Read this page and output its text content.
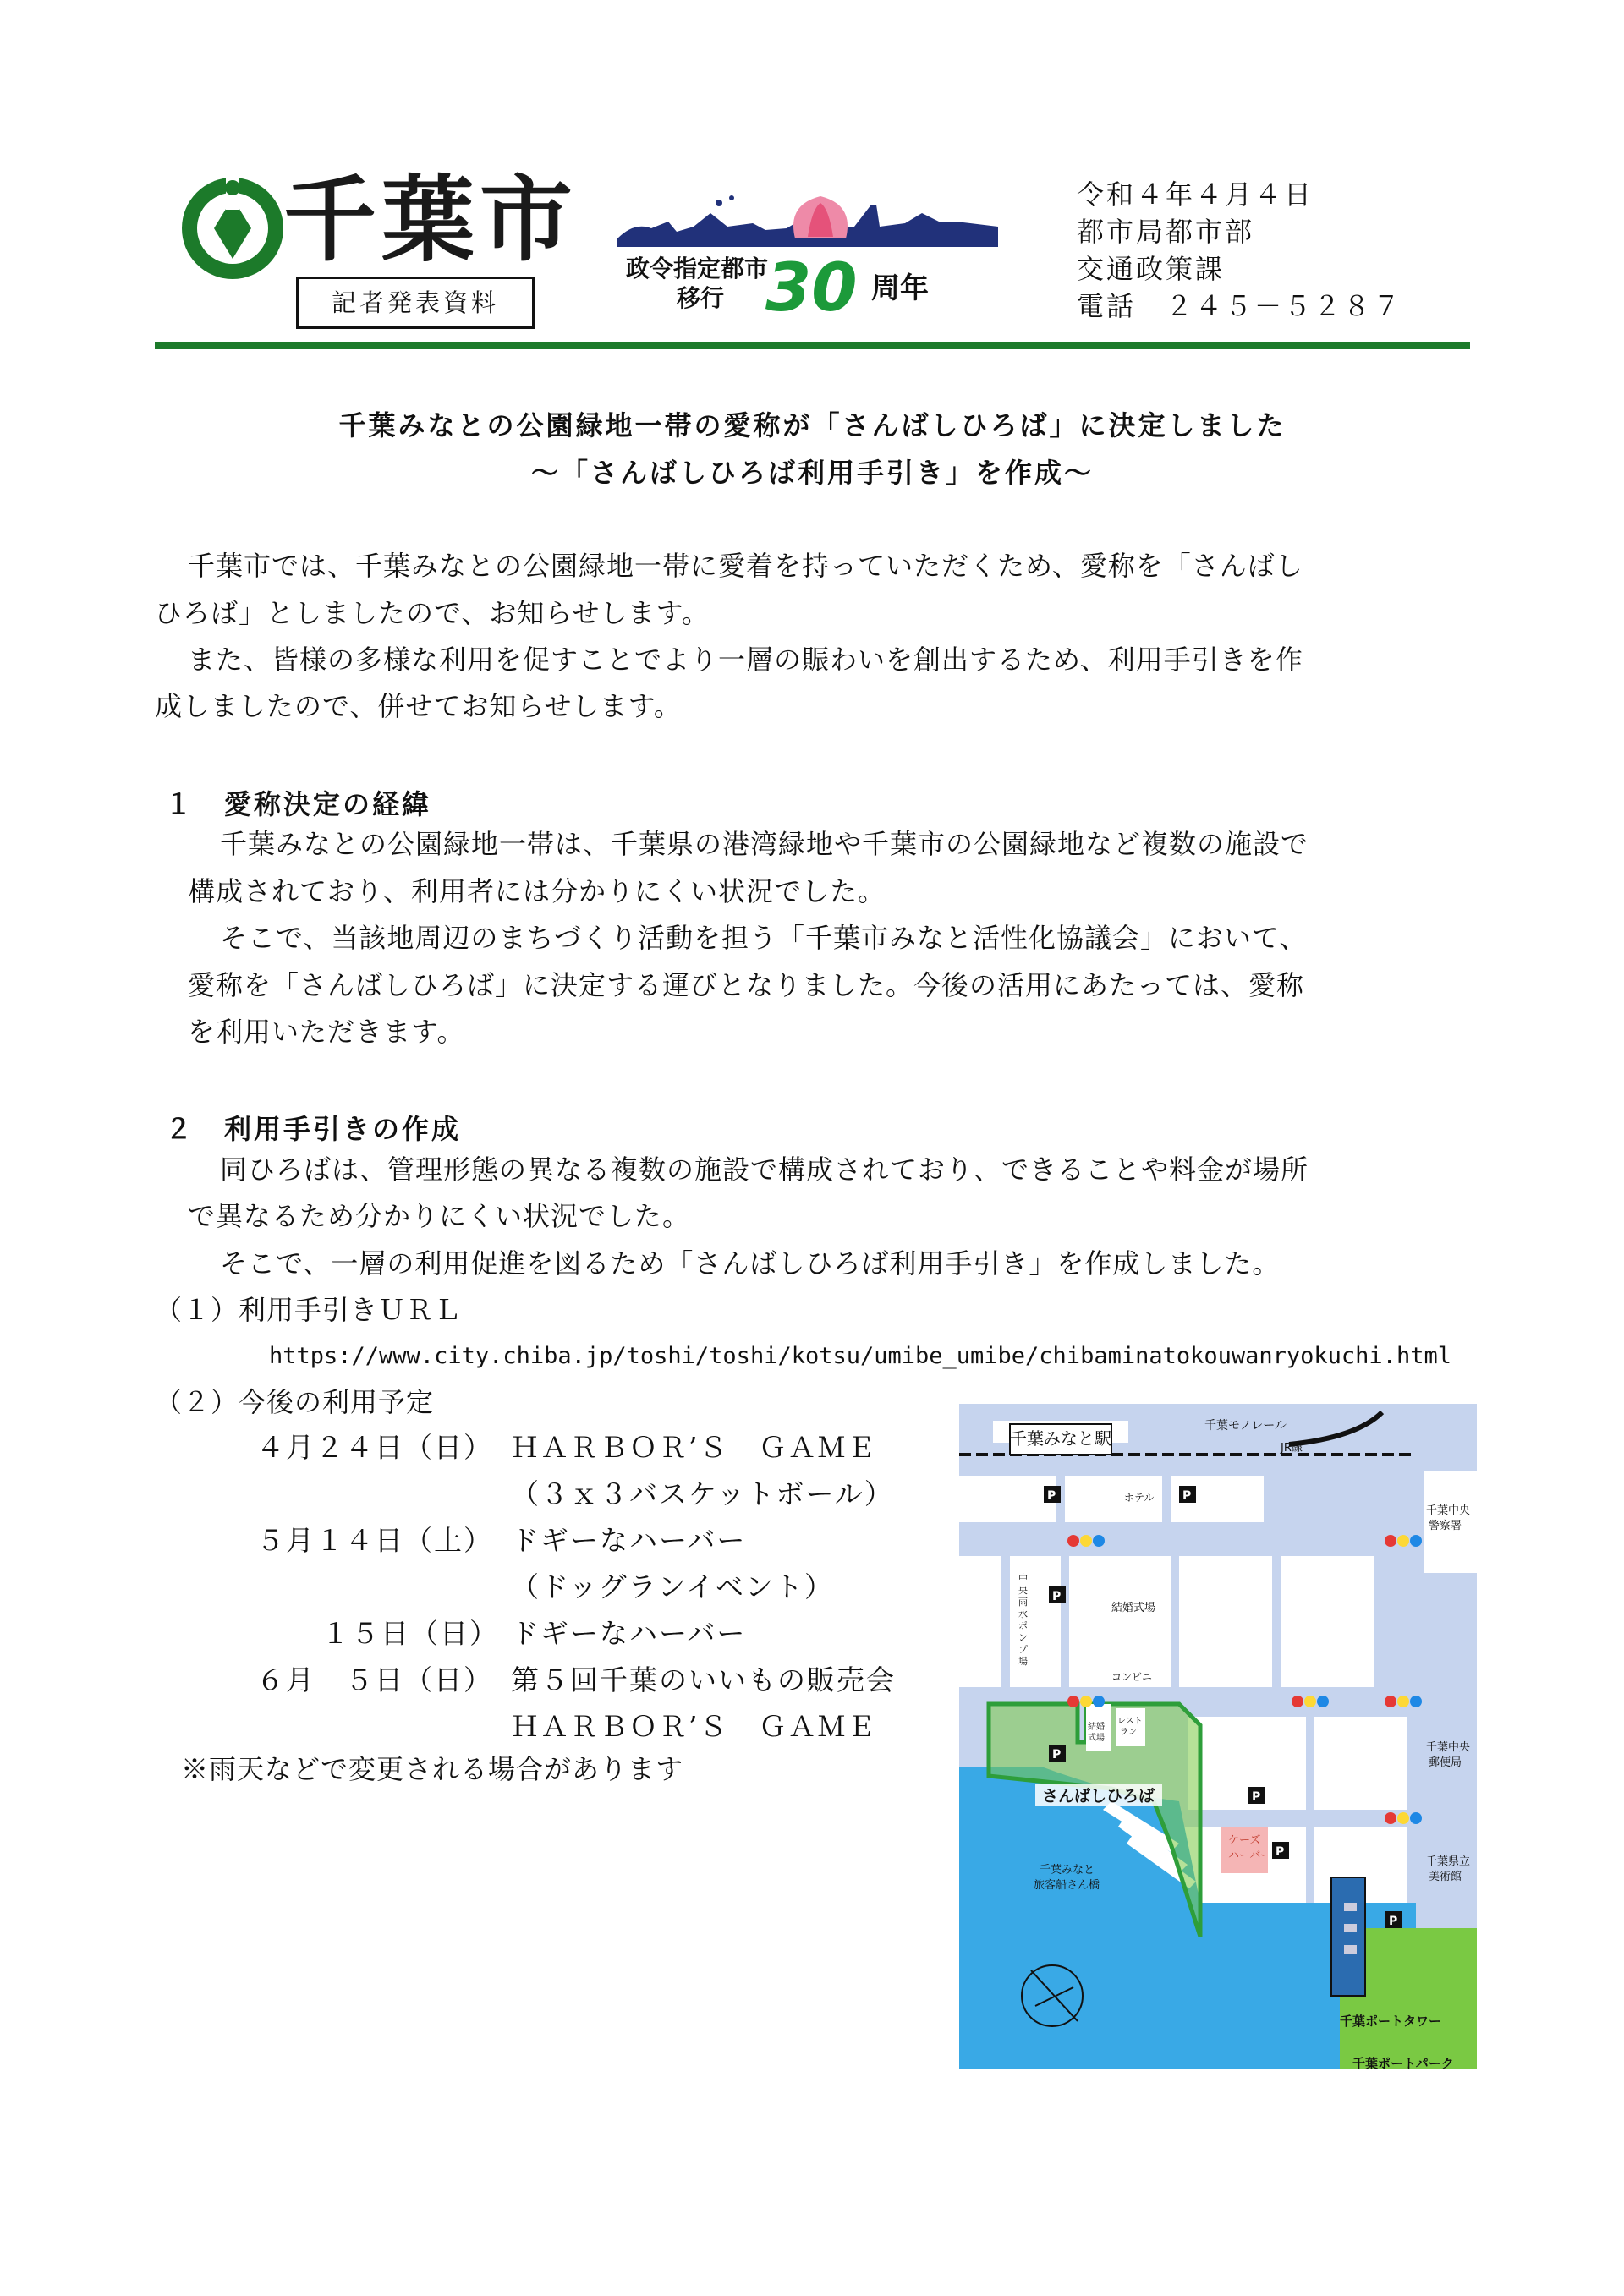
千葉市
記者発表資料
政令指定都市
移行 30 周年
令和４年４月４日
都市局都市部
交通政策課
電話　２４５－５２８７
千葉みなとの公園緑地一帯の愛称が「さんばしひろば」に決定しました
～「さんばしひろば利用手引き」を作成～
千葉市では、千葉みなとの公園緑地一帯に愛着を持っていただくため、愛称を「さんばし
ひろば」としましたので、お知らせします。
また、皆様の多様な利用を促すことでより一層の賑わいを創出するため、利用手引きを作
成しましたので、併せてお知らせします。
１　愛称決定の経緯
千葉みなとの公園緑地一帯は、千葉県の港湾緑地や千葉市の公園緑地など複数の施設で
構成されており、利用者には分かりにくい状況でした。
そこで、当該地周辺のまちづくり活動を担う「千葉市みなと活性化協議会」において、
愛称を「さんばしひろば」に決定する運びとなりました。今後の活用にあたっては、愛称
を利用いただきます。
２　利用手引きの作成
同ひろばは、管理形態の異なる複数の施設で構成されており、できることや料金が場所
で異なるため分かりにくい状況でした。
そこで、一層の利用促進を図るため「さんばしひろば利用手引き」を作成しました。
（１）利用手引きＵＲＬ
https://www.city.chiba.jp/toshi/toshi/kotsu/umibe_umibe/chibaminatokouwanryokuchi.html
（２）今後の利用予定
４月２４日（日） ＨＡＲＢＯＲ’Ｓ　ＧＡＭＥ
（３ｘ３バスケットボール）
５月１４日（土） ドギーなハーバー
（ドッグランイベント）
１５日（日） ドギーなハーバー
６月　５日（日） 第５回千葉のいいもの販売会
ＨＡＲＢＯＲ’Ｓ　ＧＡＭＥ
※雨天などで変更される場合があります
千葉みなと駅
千葉モノレール
JR線
千葉中央
警察署
ホテル
中
央
雨
水
ポ
ン
プ
場
結婚式場
コンビニ
千葉中央
郵便局
千葉県立
美術館
ケーズ
ハーバー
千葉みなと
旅客船さん橋
さんばしひろば
結婚
式場
レスト
ラン
千葉ポートパーク
千葉ポートタワー
P	P
P
P
P
P
P
